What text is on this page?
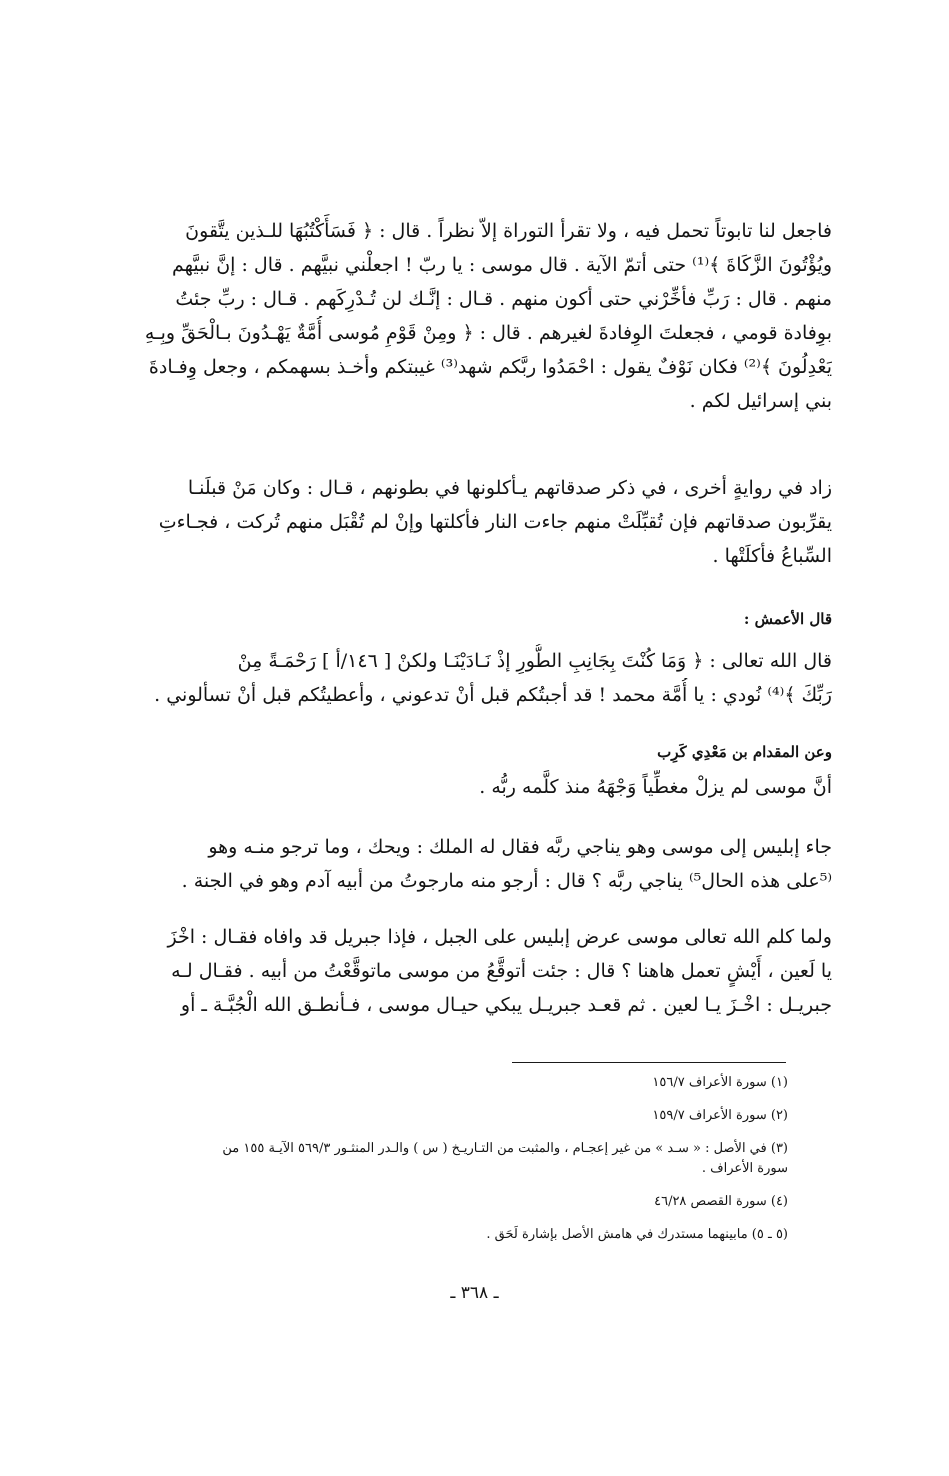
فاجعل لنا تابوتاً تحمل فيه ، ولا تقرأ التوراة إلاّ نظراً . قال : ﴿ فَسَأَكْتُبُهَا للـذين يتَّقونَ
ويُؤْتُونَ الزَّكَاةَ ﴾⁽¹⁾ حتى أتمّ الآية . قال موسى : يا ربّ ! اجعلْني نبيَّهم . قال : إنَّ نبيَّهم
منهم . قال : رَبِّ فأخِّرْني حتى أكون منهم . قـال : إنَّـك لن تُـدْرِكَهم . قـال : ربِّ جئتُ
بوِفادة قومي ، فجعلتَ الوِفادةَ لغيرهم . قال : ﴿ ومِنْ قَوْمِ مُوسى أُمَّةٌ يَهْـدُونَ بـالْحَقِّ وبِـهِ
يَعْدِلُونَ ﴾⁽²⁾ فكان نَوْفٌ يقول : احْمَدُوا ربَّكم شهد⁽³⁾ غيبتكم وأخـذ بسهمكم ، وجعل وِفـادةَ
بني إسرائيل لكم .
زاد في روايةٍ أخرى ، في ذكر صدقاتهم يـأكلونها في بطونهم ، قـال : وكان مَنْ قبلَنـا
يقرِّبون صدقاتهم فإن تُقبِّلَتْ منهم جاءت النار فأكلتها وإنْ لم تُقْبَل منهم تُركت ، فجـاءتِ
السِّباعُ فأكلَتْها .
قال الأعمش :
قال الله تعالى : ﴿ وَمَا كُنْتَ بِجَانِبِ الطُّورِ إذْ نَـادَيْنَـا ولكنْ [ ١٤٦/أ ] رَحْمَـةً مِنْ
رَبِّكَ ﴾⁽⁴⁾ نُودي : يا أُمَّة محمد ! قد أجبتُكم قبل أنْ تدعوني ، وأعطيتُكم قبل أنْ تسألوني .
وعن المقدام بن مَعْدِي كَرِب
أنَّ موسى لم يزلْ مغطِّياً وَجْهَهُ منذ كلَّمه ربُّه .
جاء إبليس إلى موسى وهو يناجي ربَّه فقال له الملك : ويحك ، وما ترجو منـه وهو
⁽⁵على هذه الحال⁵⁾ يناجي ربَّه ؟ قال : أرجو منه مارجوتُ من أبيه آدم وهو في الجنة .
ولما كلم الله تعالى موسى عرض إبليس على الجبل ، فإذا جبريل قد وافاه فقـال : اخْزَ
يا لَعين ، أَيْشٍ تعمل هاهنا ؟ قال : جئت أتوقَّعُ من موسى ماتوقَّعْتُ من أبيه . فقـال لـه
جبريـل : اخْـزَ يـا لعين . ثم قعـد جبريـل يبكي حيـال موسى ، فـأنطـق الله الْجُبَّـة ـ أو
(١) سورة الأعراف ١٥٦/٧
(٢) سورة الأعراف ١٥٩/٧
(٣) في الأصل : « سـد » من غير إعجـام ، والمثبت من التـاريـخ ( س ) والـدر المنثـور ٥٦٩/٣ الآيـة ١٥٥ من
سورة الأعراف .
(٤) سورة القصص ٤٦/٢٨
(٥ ـ ٥) مابينهما مستدرك في هامش الأصل بإشارة لَحَق .
ـ ٣٦٨ ـ
